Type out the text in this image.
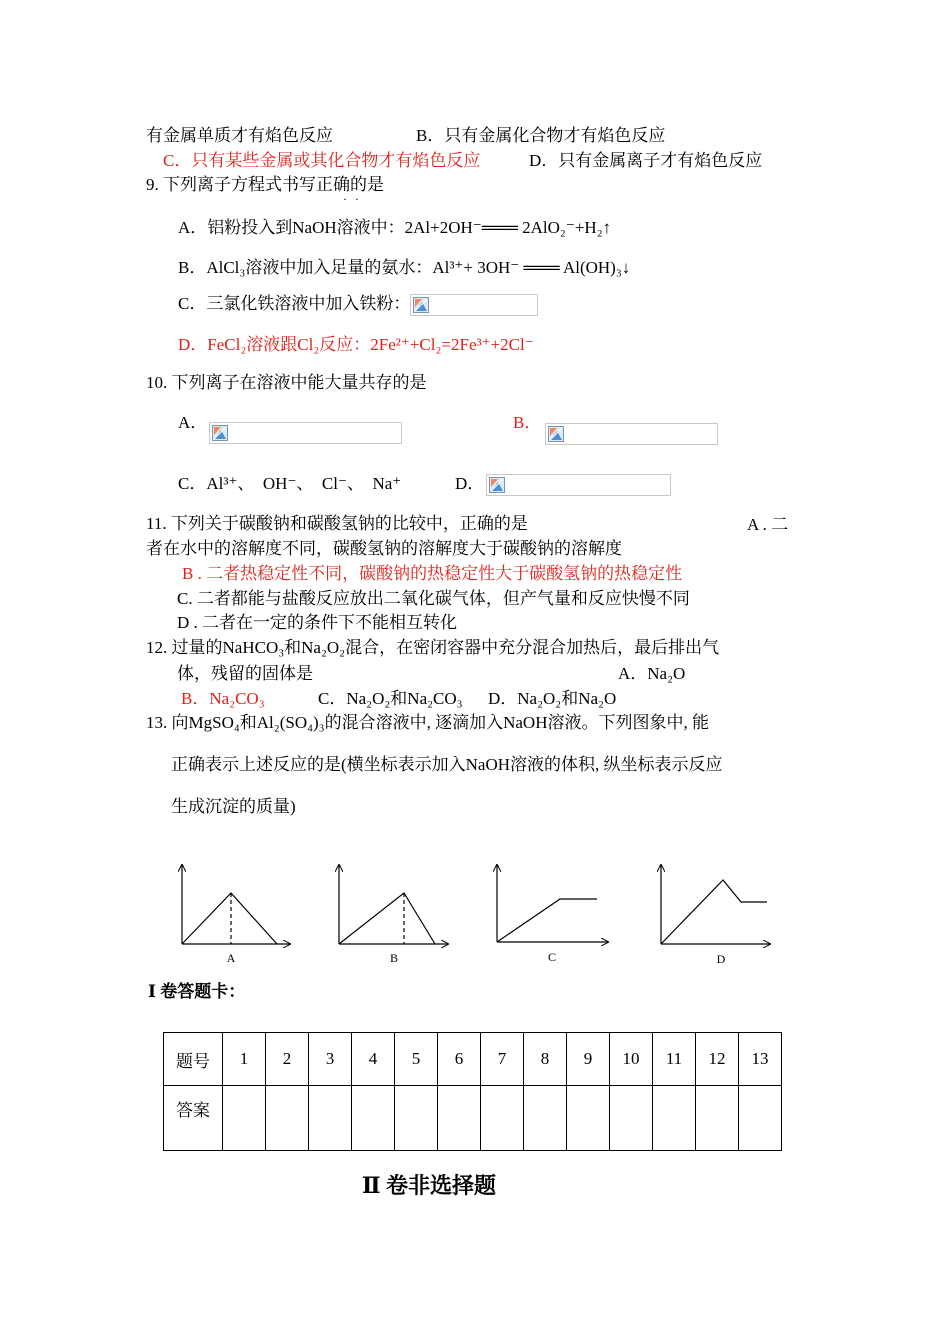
有金属单质才有焰色反应	B．只有金属化合物才有焰色反应
C．只有某些金属或其化合物才有焰色反应	D．只有金属离子才有焰色反应
9. 下列离子方程式书写正确的是
··
A．铝粉投入到NaOH溶液中：2Al+2OH⁻═══ 2AlO₂⁻+H₂↑
B．AlCl₃溶液中加入足量的氨水：Al³⁺+ 3OH⁻ ═══ Al(OH)₃↓
C．三氯化铁溶液中加入铁粉：
D．FeCl₂溶液跟Cl₂反应：2Fe²⁺+Cl₂=2Fe³⁺+2Cl⁻
10. 下列离子在溶液中能大量共存的是
A．	B．
C．Al³⁺、　OH⁻、　Cl⁻、　Na⁺	D．
11. 下列关于碳酸钠和碳酸氢钠的比较中，正确的是	A . 二
者在水中的溶解度不同，碳酸氢钠的溶解度大于碳酸钠的溶解度
B . 二者热稳定性不同，碳酸钠的热稳定性大于碳酸氢钠的热稳定性
C. 二者都能与盐酸反应放出二氧化碳气体，但产气量和反应快慢不同
D . 二者在一定的条件下不能相互转化
12. 过量的NaHCO₃和Na₂O₂混合，在密闭容器中充分混合加热后，最后排出气
体，残留的固体是	A．Na₂O
B．Na₂CO₃	C．Na₂O₂和Na₂CO₃ D．Na₂O₂和Na₂O
13. 向MgSO₄和Al₂(SO₄)₃的混合溶液中, 逐滴加入NaOH溶液。下列图象中, 能
正确表示上述反应的是(横坐标表示加入NaOH溶液的体积, 纵坐标表示反应
生成沉淀的质量)
A	B	C	D
Ⅰ 卷答题卡：
题号	1	2	3	4	5	6	7	8	9	10	11	12	13
答案													
Ⅱ 卷非选择题
